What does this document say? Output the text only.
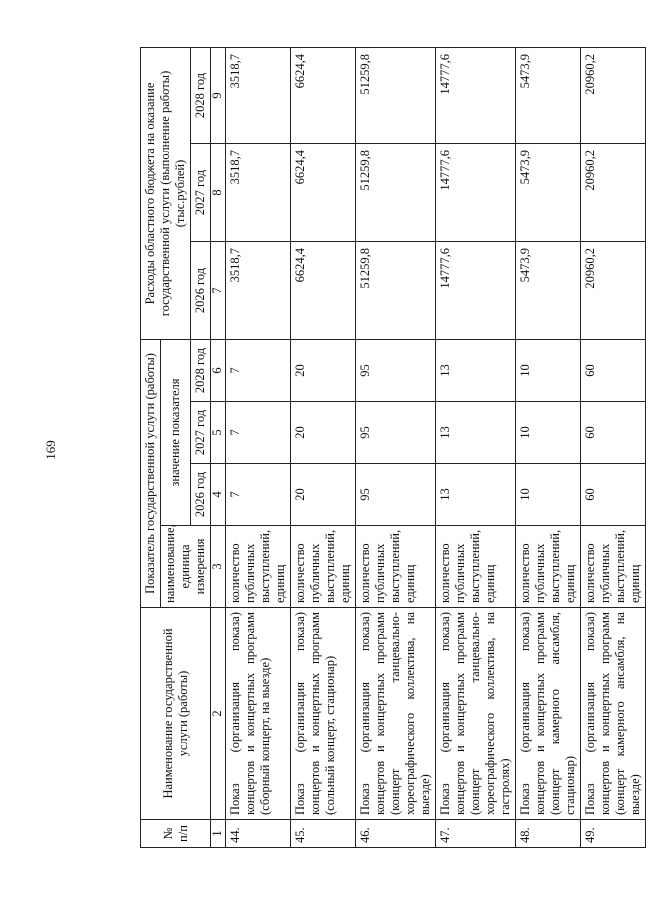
169
№ п/п	Наименование государственной услуги (работы)	Показатель государственной услуги (работы)				Расходы областного бюджета на оказание государственной услуги (выполнение работы) (тыс.рублей)		
		наименование, единица измерения	значение показателя					
			2026 год	2027 год	2028 год	2026 год	2027 год	2028 год
1	2	3	4	5	6	7	8	9
44.	Показ (организация показа) концертов и концертных программ (сборный концерт, на выезде)	количество публичных выступлений, единиц	7	7	7	3518,7	3518,7	3518,7
45.	Показ (организация показа) концертов и концертных программ (сольный концерт, стационар)	количество публичных выступлений, единиц	20	20	20	6624,4	6624,4	6624,4
46.	Показ (организация показа) концертов и концертных программ (концерт танцевально-хореографического коллектива, на выезде)	количество публичных выступлений, единиц	95	95	95	51259,8	51259,8	51259,8
47.	Показ (организация показа) концертов и концертных программ (концерт танцевально-хореографического коллектива, на гастролях)	количество публичных выступлений, единиц	13	13	13	14777,6	14777,6	14777,6
48.	Показ (организация показа) концертов и концертных программ (концерт камерного ансамбля, стационар)	количество публичных выступлений, единиц	10	10	10	5473,9	5473,9	5473,9
49.	Показ (организация показа) концертов и концертных программ (концерт камерного ансамбля, на выезде)	количество публичных выступлений, единиц	60	60	60	20960,2	20960,2	20960,2
